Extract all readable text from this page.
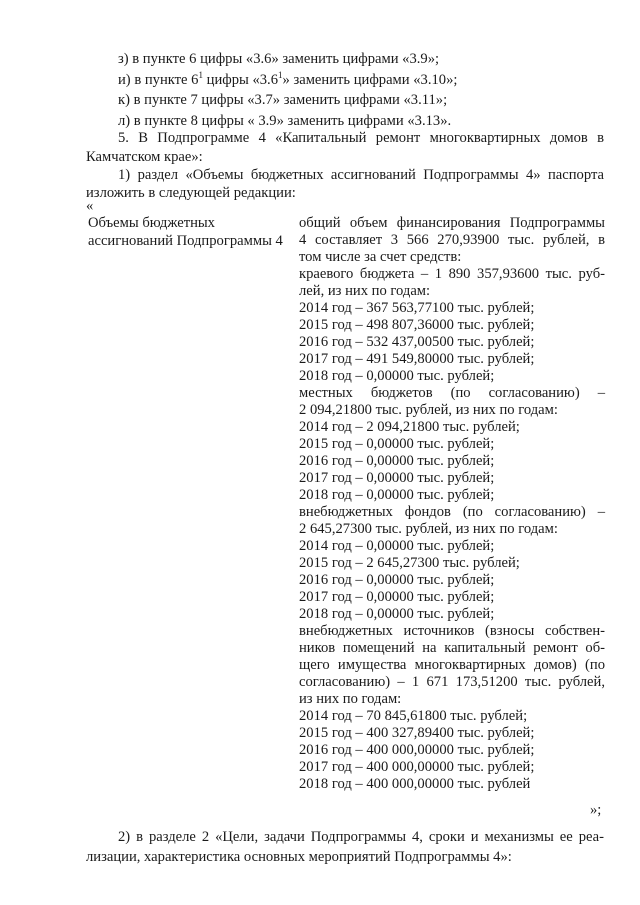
з) в пункте 6 цифры «3.6» заменить цифрами «3.9»;
и) в пункте $6^1$ цифры «$3.6^1$» заменить цифрами «3.10»;
к) в пункте 7 цифры «3.7» заменить цифрами «3.11»;
л) в пункте 8 цифры « 3.9» заменить цифрами «3.13».
5. В Подпрограмме 4 «Капитальный ремонт многоквартирных домов в
Камчатском крае»:
1) раздел «Объемы бюджетных ассигнований Подпрограммы 4» паспорта
изложить в следующей редакции:
«
Объемы бюджетных
ассигнований Подпрограммы 4
общий объем финансирования Подпрограммы
4 составляет 3 566 270,93900 тыс. рублей, в
том числе за счет средств:
краевого бюджета – 1 890 357,93600 тыс. руб-
лей, из них по годам:
2014 год – 367 563,77100 тыс. рублей;
2015 год – 498 807,36000 тыс. рублей;
2016 год – 532 437,00500 тыс. рублей;
2017 год – 491 549,80000 тыс. рублей;
2018 год – 0,00000 тыс. рублей;
местных бюджетов (по согласованию) –
2 094,21800 тыс. рублей, из них по годам:
2014 год – 2 094,21800 тыс. рублей;
2015 год – 0,00000 тыс. рублей;
2016 год – 0,00000 тыс. рублей;
2017 год – 0,00000 тыс. рублей;
2018 год – 0,00000 тыс. рублей;
внебюджетных фондов (по согласованию) –
2 645,27300 тыс. рублей, из них по годам:
2014 год – 0,00000 тыс. рублей;
2015 год – 2 645,27300 тыс. рублей;
2016 год – 0,00000 тыс. рублей;
2017 год – 0,00000 тыс. рублей;
2018 год – 0,00000 тыс. рублей;
внебюджетных источников (взносы собствен-
ников помещений на капитальный ремонт об-
щего имущества многоквартирных домов) (по
согласованию) – 1 671 173,51200 тыс. рублей,
из них по годам:
2014 год – 70 845,61800 тыс. рублей;
2015 год – 400 327,89400 тыс. рублей;
2016 год – 400 000,00000 тыс. рублей;
2017 год – 400 000,00000 тыс. рублей;
2018 год – 400 000,00000 тыс. рублей
»;
2) в разделе 2 «Цели, задачи Подпрограммы 4, сроки и механизмы ее реа-
лизации, характеристика основных мероприятий Подпрограммы 4»:
